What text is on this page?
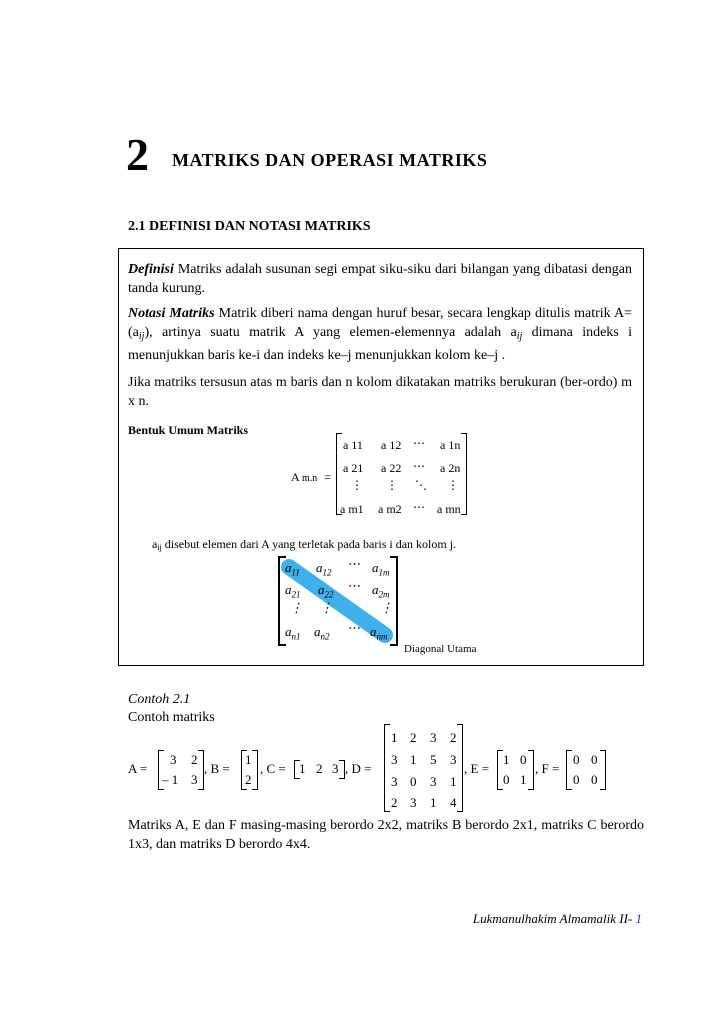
2 MATRIKS DAN OPERASI MATRIKS
2.1 DEFINISI DAN NOTASI MATRIKS
Definisi Matriks adalah susunan segi empat siku-siku dari bilangan yang dibatasi dengan tanda kurung.
Notasi Matriks Matrik diberi nama dengan huruf besar, secara lengkap ditulis matrik $A= (a_{ij})$, artinya suatu matrik A yang elemen-elemennya adalah $a_{ij}$ dimana indeks i menunjukkan baris ke-i dan indeks ke–j menunjukkan kolom ke–j .
Jika matriks tersusun atas m baris dan n kolom dikatakan matriks berukuran (ber-ordo) m x n.
Bentuk Umum Matriks
A m.n =
a 11 a 12 ⋯ a 1n
a 21 a 22 ⋯ a 2n
⋮ ⋮ ⋱ ⋮
a m1 a m2 ⋯ a mn
aij disebut elemen dari A yang terletak pada baris i dan kolom j.
$a_{11}$ $a_{12}$
⋯ $a_{1m}$
$a_{21}$ $a_{22}$
⋯ $a_{2m}$
⋮ ⋮	⋮
$a_{n1}$ $a_{n2}$
⋯ $a_{nm}$
Diagonal Utama
Contoh 2.1
Contoh matriks
A =
3 2
– 1 3
, B =
1
2
, C = 1 2 3 , D =
1 2 3 2
3 1 5 3
3 0 3 1
2 3 1 4
, E =
1 0
0 1
, F =
0 0
0 0
Matriks A, E dan F masing-masing berordo 2x2, matriks B berordo 2x1, matriks C berordo 1x3, dan matriks D berordo 4x4.
Lukmanulhakim Almamalik II- 1
